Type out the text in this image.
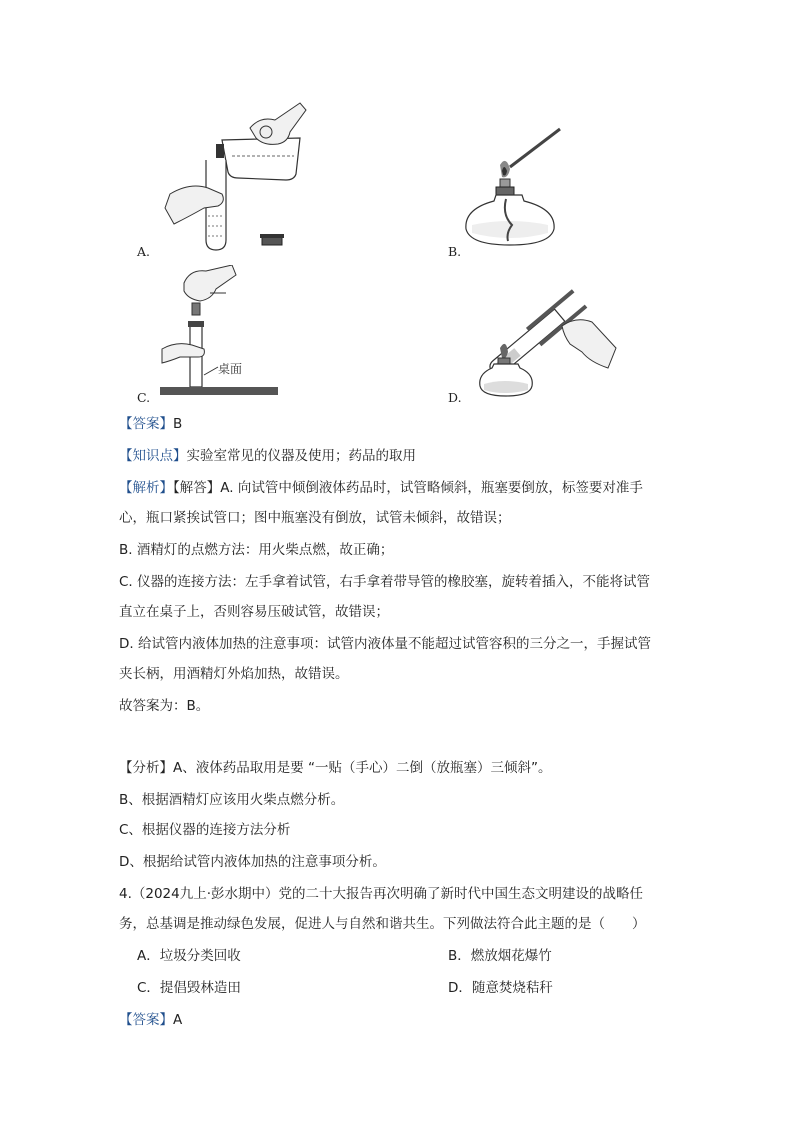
A.	B.
桌面
C.	D.
【答案】B
【知识点】实验室常见的仪器及使用；药品的取用
【解析】【解答】A. 向试管中倾倒液体药品时，试管略倾斜，瓶塞要倒放，标签要对准手
心，瓶口紧挨试管口；图中瓶塞没有倒放，试管未倾斜，故错误；
B. 酒精灯的点燃方法：用火柴点燃，故正确；
C. 仪器的连接方法：左手拿着试管，右手拿着带导管的橡胶塞，旋转着插入，不能将试管
直立在桌子上，否则容易压破试管，故错误；
D. 给试管内液体加热的注意事项：试管内液体量不能超过试管容积的三分之一，手握试管
夹长柄，用酒精灯外焰加热，故错误。
故答案为：B。
【分析】A、液体药品取用是要 “一贴（手心）二倒（放瓶塞）三倾斜”。
B、根据酒精灯应该用火柴点燃分析。
C、根据仪器的连接方法分析
D、根据给试管内液体加热的注意事项分析。
4.（2024九上·彭水期中）党的二十大报告再次明确了新时代中国生态文明建设的战略任
务，总基调是推动绿色发展，促进人与自然和谐共生。下列做法符合此主题的是（　　）
A．垃圾分类回收	B．燃放烟花爆竹
C．提倡毁林造田	D．随意焚烧秸秆
【答案】A
